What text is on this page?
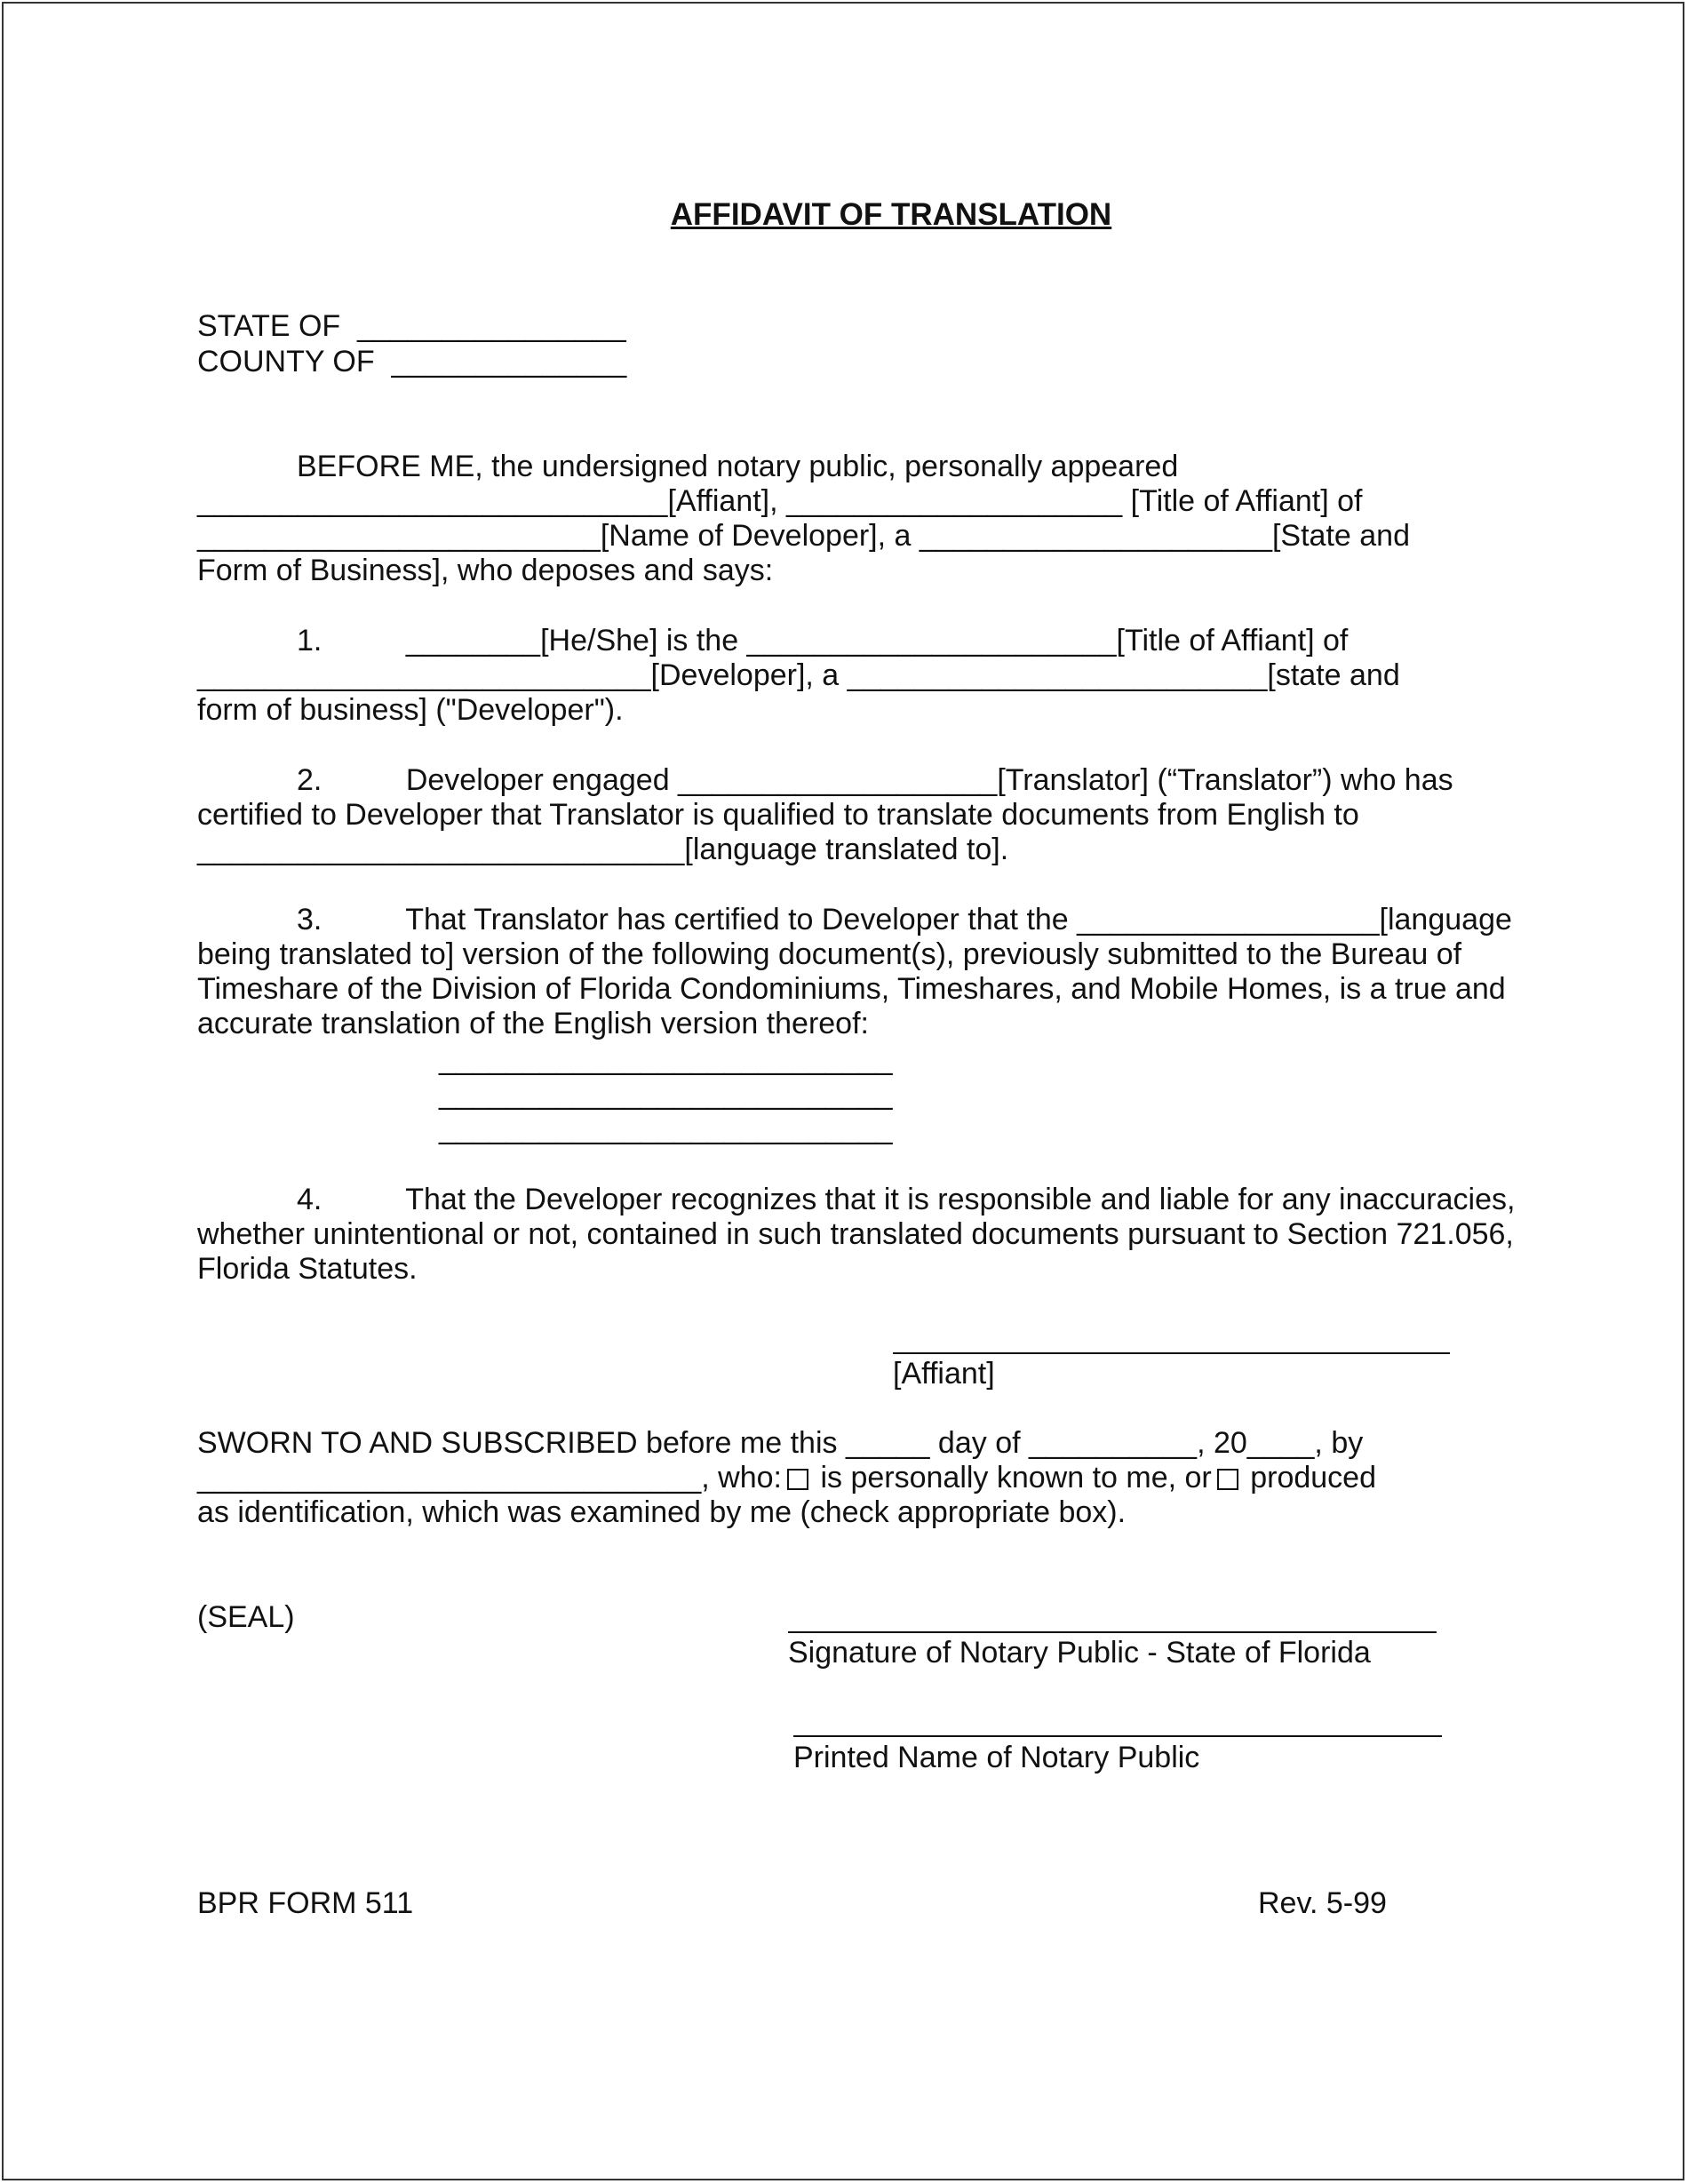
AFFIDAVIT OF TRANSLATION
STATE OF  ________________
COUNTY OF  ______________
BEFORE ME, the undersigned notary public, personally appeared
____________________________[Affiant], ____________________ [Title of Affiant] of
________________________[Name of Developer], a _____________________[State and
Form of Business], who deposes and says:
1.          ________[He/She] is the ______________________[Title of Affiant] of
___________________________[Developer], a _________________________[state and
form of business] ("Developer").
2.          Developer engaged ___________________[Translator] (“Translator”) who has
certified to Developer that Translator is qualified to translate documents from English to
_____________________________[language translated to].
3.          That Translator has certified to Developer that the __________________[language
being translated to] version of the following document(s), previously submitted to the Bureau of
Timeshare of the Division of Florida Condominiums, Timeshares, and Mobile Homes, is a true and
accurate translation of the English version thereof:
___________________________
___________________________
___________________________
4.          That the Developer recognizes that it is responsible and liable for any inaccuracies,
whether unintentional or not, contained in such translated documents pursuant to Section 721.056,
Florida Statutes.
[Affiant]
SWORN TO AND SUBSCRIBED before me this _____ day of __________, 20____, by
______________________________, who: is personally known to me, or produced
as identification, which was examined by me (check appropriate box).
(SEAL)
Signature of Notary Public - State of Florida
Printed Name of Notary Public
BPR FORM 511	Rev. 5-99
